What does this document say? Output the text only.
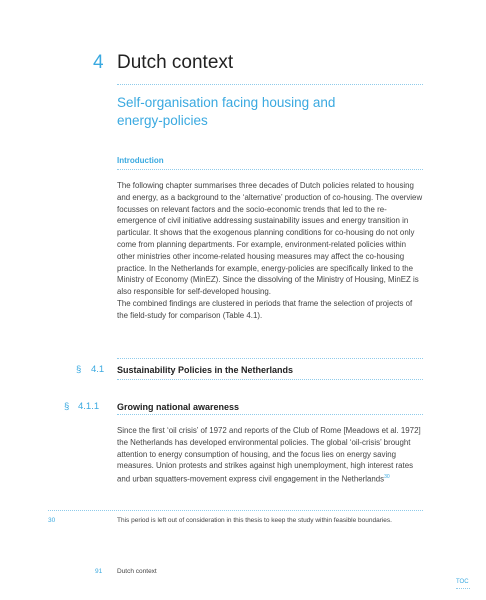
4 Dutch context
Self-organisation facing housing and energy-policies
Introduction
The following chapter summarises three decades of Dutch policies related to housing and energy, as a background to the ‘alternative’ production of co-housing. The overview focusses on relevant factors and the socio-economic trends that led to the re-emergence of civil initiative addressing sustainability issues and energy transition in particular. It shows that the exogenous planning conditions for co-housing do not only come from planning departments. For example, environment-related policies within other ministries other income-related housing measures may affect the co-housing practice. In the Netherlands for example, energy-policies are specifically linked to the Ministry of Economy (MinEZ). Since the dissolving of the Ministry of Housing, MinEZ is also responsible for self-developed housing.
The combined findings are clustered in periods that frame the selection of projects of the field-study for comparison (Table 4.1).
§ 4.1 Sustainability Policies in the Netherlands
§ 4.1.1 Growing national awareness
Since the first ‘oil crisis’ of 1972 and reports of the Club of Rome [Meadows et al. 1972] the Netherlands has developed environmental policies. The global ‘oil-crisis’ brought attention to energy consumption of housing, and the focus lies on energy saving measures. Union protests and strikes against high unemployment, high interest rates and urban squatters-movement express civil engagement in the Netherlands$^{30}$
30	This period is left out of consideration in this thesis to keep the study within feasible boundaries.
91 Dutch context
TOC
